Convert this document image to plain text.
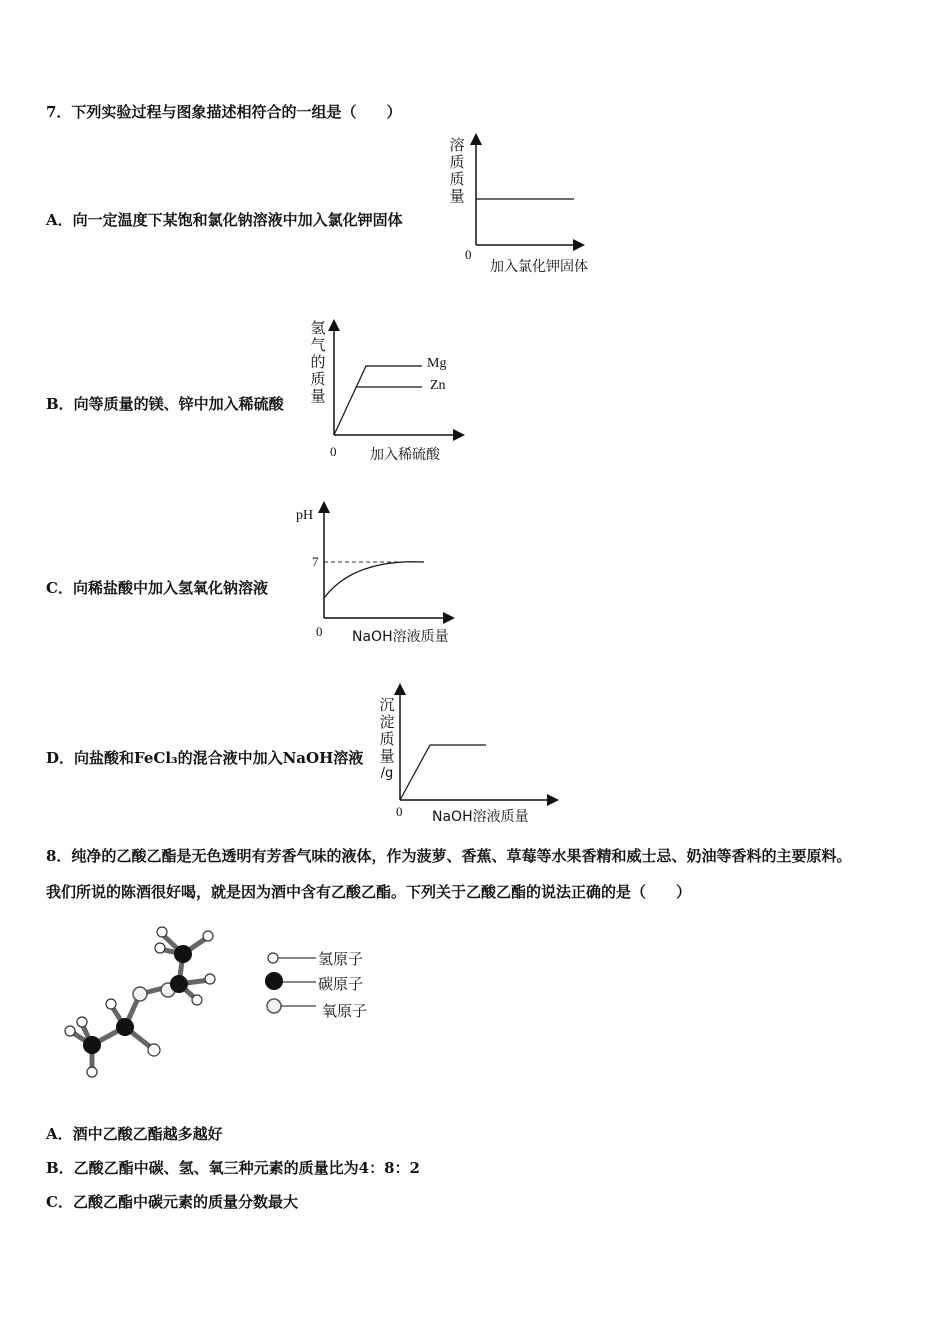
7．下列实验过程与图象描述相符合的一组是（　　）
A．向一定温度下某饱和氯化钠溶液中加入氯化钾固体
溶
质
质
量
0
加入氯化钾固体
B．向等质量的镁、锌中加入稀硫酸
氢
气
的
质
量
Mg
Zn
0 加入稀硫酸
C．向稀盐酸中加入氢氧化钠溶液
pH
7
0 NaOH溶液质量
D．向盐酸和FeCl₃的混合液中加入NaOH溶液
沉
淀
质
量
/g
0 NaOH溶液质量
8．纯净的乙酸乙酯是无色透明有芳香气味的液体，作为菠萝、香蕉、草莓等水果香精和威士忌、奶油等香料的主要原料。
我们所说的陈酒很好喝，就是因为酒中含有乙酸乙酯。下列关于乙酸乙酯的说法正确的是（　　）
氢原子
碳原子
氧原子
A．酒中乙酸乙酯越多越好
B．乙酸乙酯中碳、氢、氧三种元素的质量比为4：8：2
C．乙酸乙酯中碳元素的质量分数最大
